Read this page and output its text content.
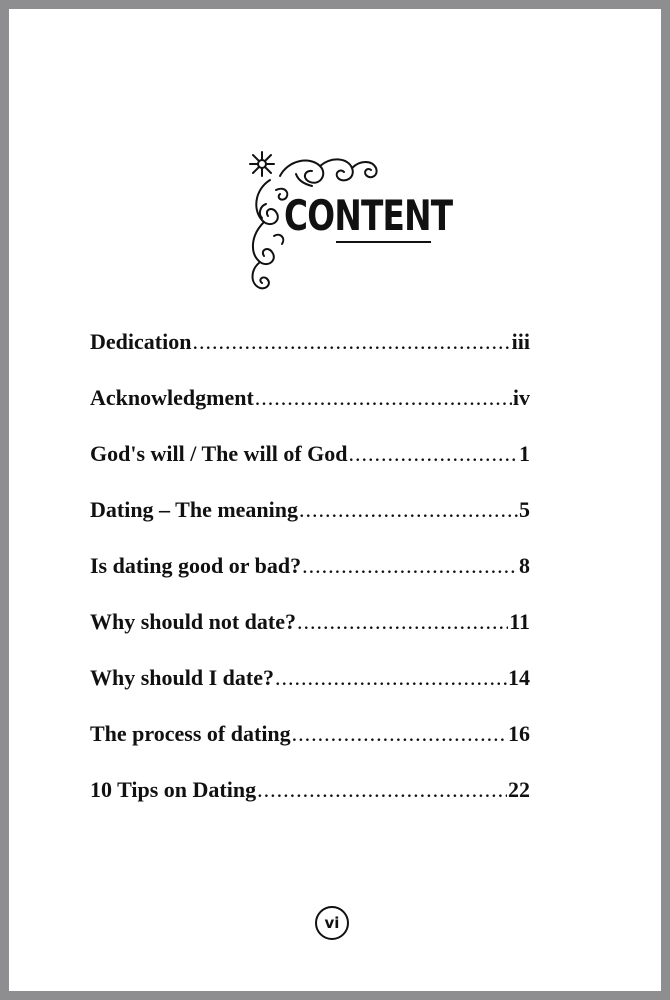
CONTENT
Dedication .....	iii
Acknowledgment .....	iv
God's will / The will of God .....	1
Dating – The meaning .....	5
Is dating good or bad? .....	8
Why should not date? .....	11
Why should I date? .....	14
The process of dating .....	16
10 Tips on Dating .....	22
vi
